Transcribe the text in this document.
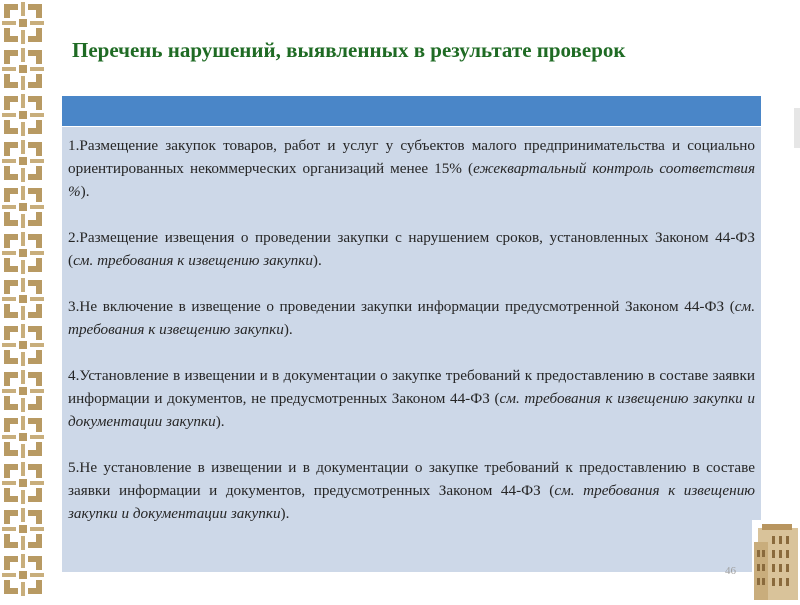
Перечень нарушений, выявленных в результате проверок

1.Размещение закупок товаров, работ и услуг у субъектов малого предпринимательства и социально ориентированных некоммерческих организаций менее 15% (ежеквартальный контроль соответствия %).

2.Размещение извещения о проведении закупки с нарушением сроков, установленных Законом 44-ФЗ (см. требования к извещению закупки).

3.Не включение в извещение о проведении закупки информации предусмотренной Законом 44-ФЗ (см. требования к извещению закупки).

4.Установление в извещении и в документации о закупке требований к предоставлению в составе заявки информации и документов, не предусмотренных Законом 44-ФЗ (см. требования к извещению закупки и документации закупки).

5.Не установление в извещении и в документации о закупке требований к предоставлению в составе заявки информации и документов, предусмотренных Законом 44-ФЗ (см. требования к извещению закупки и документации закупки).

46
